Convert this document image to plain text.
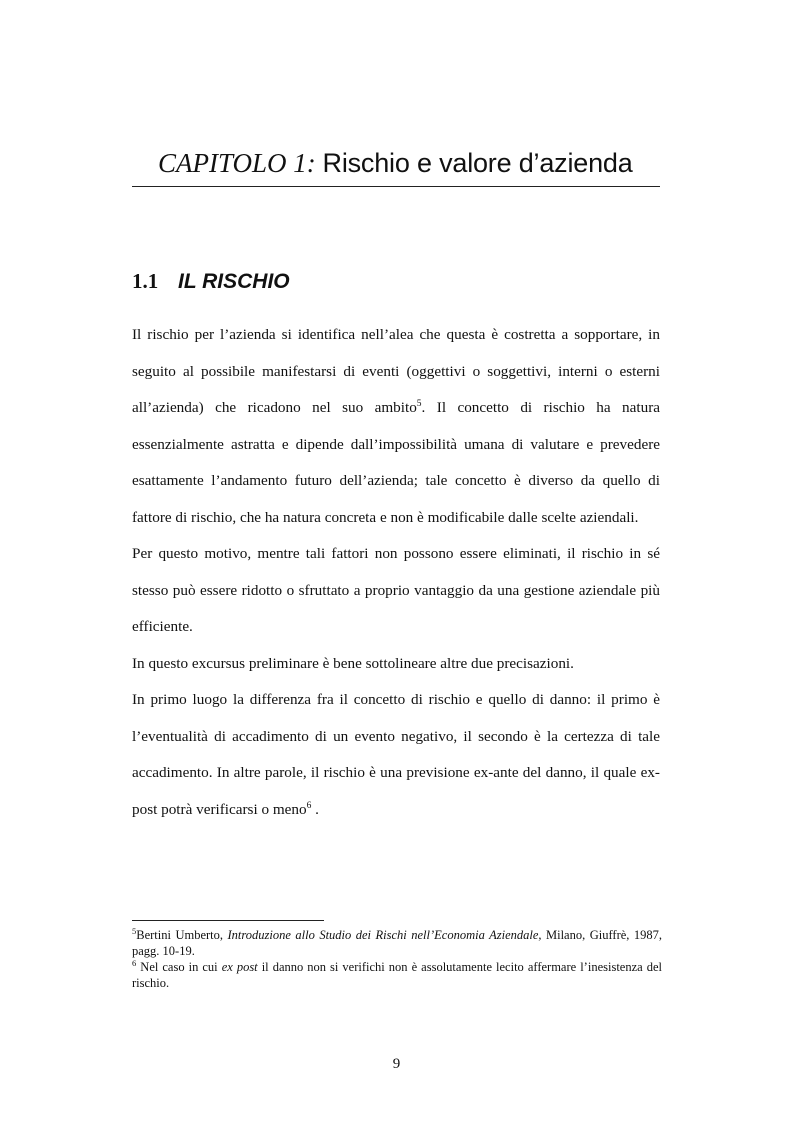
CAPITOLO 1: Rischio e valore d’azienda
1.1 IL RISCHIO

Il rischio per l’azienda si identifica nell’alea che questa è costretta a sopportare, in seguito al possibile manifestarsi di eventi (oggettivi o soggettivi, interni o esterni all’azienda) che ricadono nel suo ambito$^5$. Il concetto di rischio ha natura essenzialmente astratta e dipende dall’impossibilità umana di valutare e prevedere esattamente l’andamento futuro dell’azienda; tale concetto è diverso da quello di fattore di rischio, che ha natura concreta e non è modificabile dalle scelte aziendali.

Per questo motivo, mentre tali fattori non possono essere eliminati, il rischio in sé stesso può essere ridotto o sfruttato a proprio vantaggio da una gestione aziendale più efficiente.

In questo excursus preliminare è bene sottolineare altre due precisazioni.

In primo luogo la differenza fra il concetto di rischio e quello di danno: il primo è l’eventualità di accadimento di un evento negativo, il secondo è la certezza di tale accadimento. In altre parole, il rischio è una previsione ex-ante del danno, il quale ex-post potrà verificarsi o meno$^6$ .

$^5$Bertini Umberto, Introduzione allo Studio dei Rischi nell’Economia Aziendale, Milano, Giuffrè, 1987, pagg. 10-19.

$^6$ Nel caso in cui ex post il danno non si verifichi non è assolutamente lecito affermare l’inesistenza del rischio.

9
